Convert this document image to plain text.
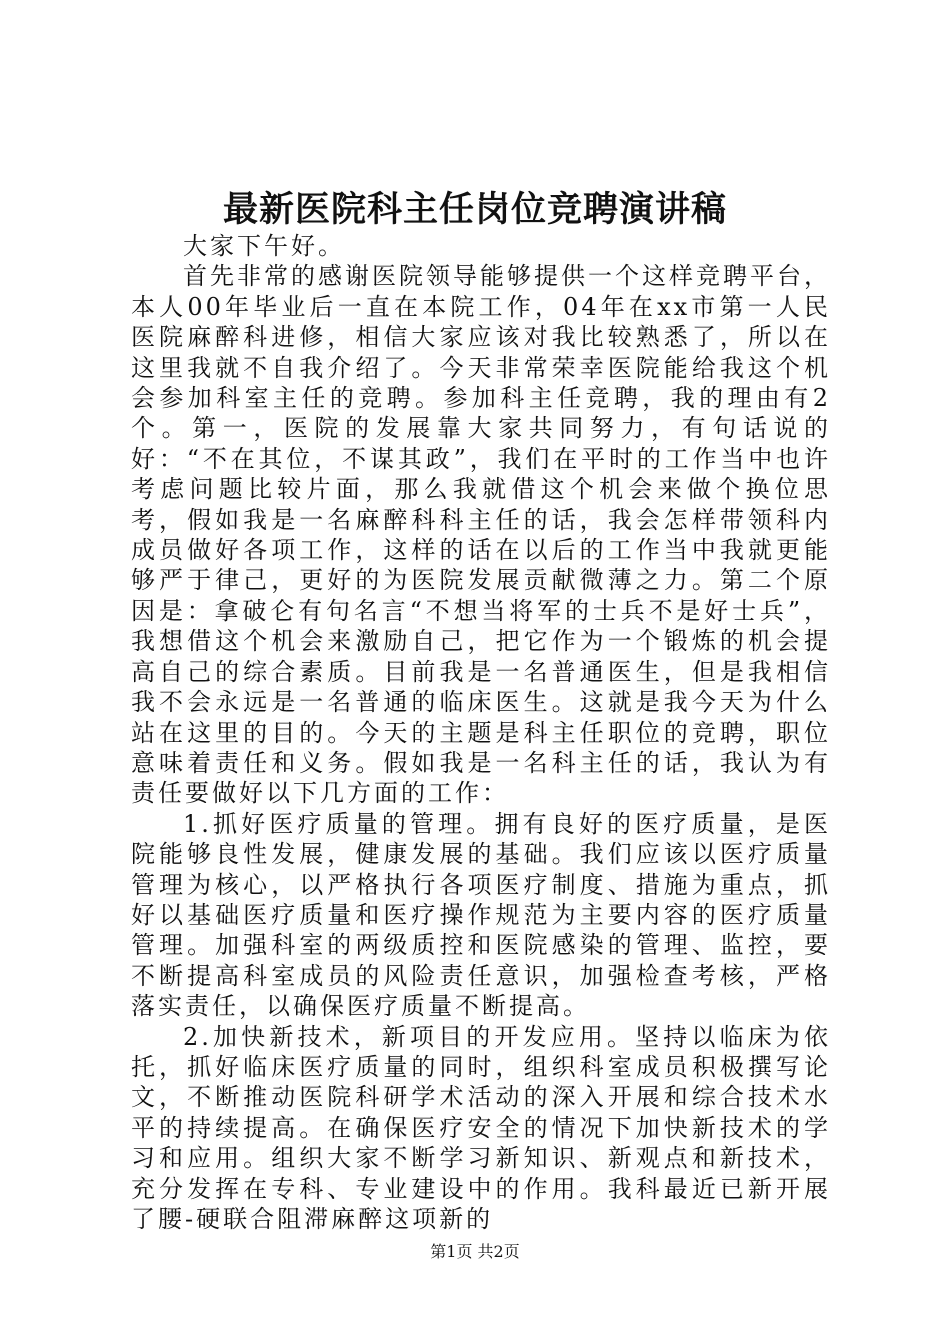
最新医院科主任岗位竞聘演讲稿

大家下午好。

首先非常的感谢医院领导能够提供一个这样竞聘平台，本人00年毕业后一直在本院工作，04年在xx市第一人民医院麻醉科进修，相信大家应该对我比较熟悉了，所以在这里我就不自我介绍了。今天非常荣幸医院能给我这个机会参加科室主任的竞聘。参加科主任竞聘，我的理由有2个。第一，医院的发展靠大家共同努力，有句话说的好：“不在其位，不谋其政”，我们在平时的工作当中也许考虑问题比较片面，那么我就借这个机会来做个换位思考，假如我是一名麻醉科科主任的话，我会怎样带领科内成员做好各项工作，这样的话在以后的工作当中我就更能够严于律己，更好的为医院发展贡献微薄之力。第二个原因是：拿破仑有句名言“不想当将军的士兵不是好士兵”，我想借这个机会来激励自己，把它作为一个锻炼的机会提高自己的综合素质。目前我是一名普通医生，但是我相信我不会永远是一名普通的临床医生。这就是我今天为什么站在这里的目的。今天的主题是科主任职位的竞聘，职位意味着责任和义务。假如我是一名科主任的话，我认为有责任要做好以下几方面的工作：

1.抓好医疗质量的管理。拥有良好的医疗质量，是医院能够良性发展，健康发展的基础。我们应该以医疗质量管理为核心，以严格执行各项医疗制度、措施为重点，抓好以基础医疗质量和医疗操作规范为主要内容的医疗质量管理。加强科室的两级质控和医院感染的管理、监控，要不断提高科室成员的风险责任意识，加强检查考核，严格落实责任，以确保医疗质量不断提高。

2.加快新技术，新项目的开发应用。坚持以临床为依托，抓好临床医疗质量的同时，组织科室成员积极撰写论文，不断推动医院科研学术活动的深入开展和综合技术水平的持续提高。在确保医疗安全的情况下加快新技术的学习和应用。组织大家不断学习新知识、新观点和新技术，充分发挥在专科、专业建设中的作用。我科最近已新开展了腰-硬联合阻滞麻醉这项新的

第1页 共2页
